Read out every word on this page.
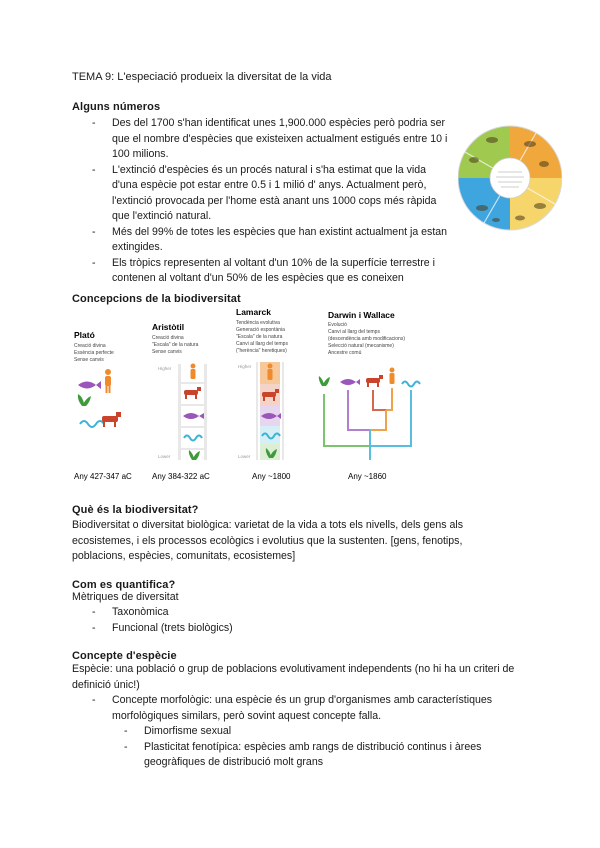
TEMA 9: L'especiació produeix la diversitat de la vida
Alguns números
- Des del 1700 s'han identificat unes 1,900.000 espècies però podria ser que el nombre d'espècies que existeixen actualment estigués entre 10 i 100 milions.
- L'extinció d'espècies és un procés natural i s'ha estimat que la vida d'una espècie pot estar entre 0.5 i 1 milió d' anys. Actualment però, l'extinció provocada per l'home està anant uns 1000 cops més ràpida que l'extinció natural.
- Més del 99% de totes les espècies que han existint actualment ja estan extingides.
- Els tròpics representen al voltant d'un 10% de la superfície terrestre i contenen al voltant d'un 50% de les espècies que es coneixen
Concepcions de la biodiversitat
Plató
Creació divina
Essència perfecte
Sense canvis
Any 427-347 aC
Aristòtil
Creació divina
"Escala" de la natura
Sense canvis
Higher
Lower
Any 384-322 aC
Lamarck
Tendència evolutiva
Generació espontània
"Escala" de la natura
Canvi al llarg del temps
("herència" heretiques)
Higher
Lower
Any ~1800
Darwin i Wallace
Evolució
Canvi al llarg del temps
(descendència amb modificacions)
Selecció natural (mecanisme)
Ancestre comú
Any ~1860
Què és la biodiversitat?

Biodiversitat o diversitat biològica: varietat de la vida a tots els nivells, dels gens als ecosistemes, i els processos ecològics i evolutius que la sustenten. [gens, fenotips, poblacions, espècies, comunitats, ecosistemes]

Com es quantifica?

Mètriques de diversitat

- Taxonòmica
- Funcional (trets biològics)
Concepte d'espècie

Espècie: una població o grup de poblacions evolutivament independents (no hi ha un criteri de definició únic!)

- Concepte morfològic: una espècie és un grup d'organismes amb característiques morfològiques similars, però sovint aquest concepte falla.
- Dimorfisme sexual
- Plasticitat fenotípica: espècies amb rangs de distribució continus i àrees geogràfiques de distribució molt grans
